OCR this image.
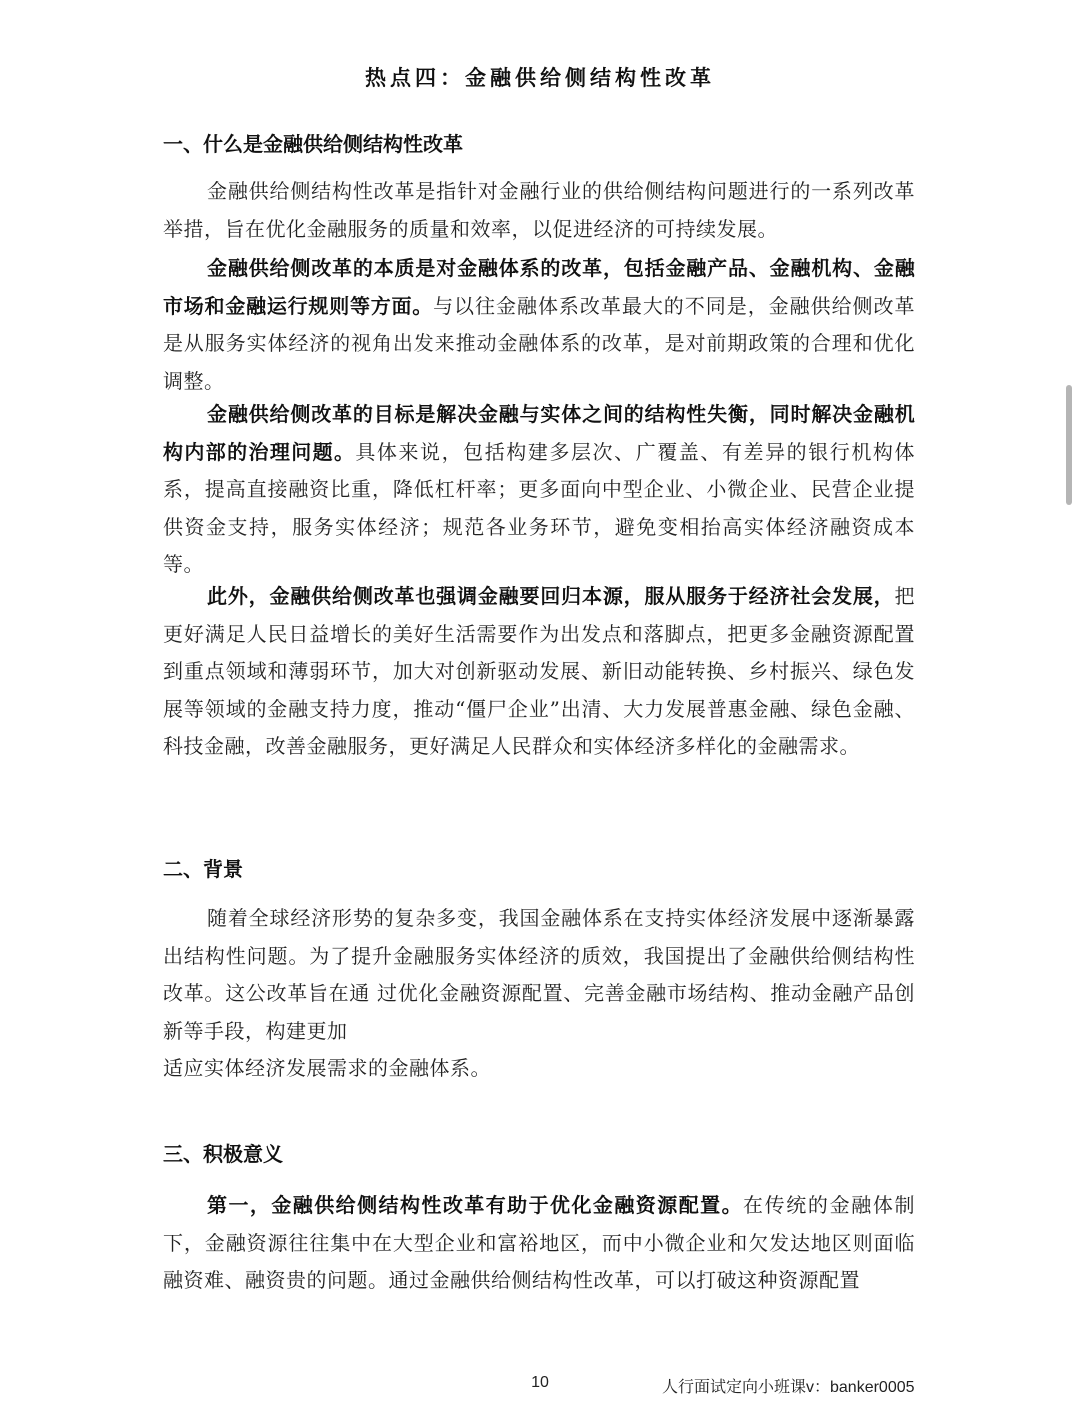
热点四：金融供给侧结构性改革
一、什么是金融供给侧结构性改革
金融供给侧结构性改革是指针对金融行业的供给侧结构问题进行的一系列改革举措，旨在优化金融服务的质量和效率，以促进经济的可持续发展。
金融供给侧改革的本质是对金融体系的改革，包括金融产品、金融机构、金融市场和金融运行规则等方面。与以往金融体系改革最大的不同是，金融供给侧改革是从服务实体经济的视角出发来推动金融体系的改革，是对前期政策的合理和优化调整。
金融供给侧改革的目标是解决金融与实体之间的结构性失衡，同时解决金融机构内部的治理问题。具体来说，包括构建多层次、广覆盖、有差异的银行机构体系，提高直接融资比重，降低杠杆率；更多面向中型企业、小微企业、民营企业提供资金支持，服务实体经济；规范各业务环节，避免变相抬高实体经济融资成本等。
此外，金融供给侧改革也强调金融要回归本源，服从服务于经济社会发展，把更好满足人民日益增长的美好生活需要作为出发点和落脚点，把更多金融资源配置到重点领域和薄弱环节，加大对创新驱动发展、新旧动能转换、乡村振兴、绿色发展等领域的金融支持力度，推动“僵尸企业”出清、大力发展普惠金融、绿色金融、科技金融，改善金融服务，更好满足人民群众和实体经济多样化的金融需求。
二、背景
随着全球经济形势的复杂多变，我国金融体系在支持实体经济发展中逐渐暴露出结构性问题。为了提升金融服务实体经济的质效，我国提出了金融供给侧结构性改革。这公改革旨在通 过优化金融资源配置、完善金融市场结构、推动金融产品创新等手段，构建更加
适应实体经济发展需求的金融体系。
三、积极意义
第一，金融供给侧结构性改革有助于优化金融资源配置。在传统的金融体制下，金融资源往往集中在大型企业和富裕地区，而中小微企业和欠发达地区则面临融资难、融资贵的问题。通过金融供给侧结构性改革，可以打破这种资源配置
10	人行面试定向小班课v：banker0005
